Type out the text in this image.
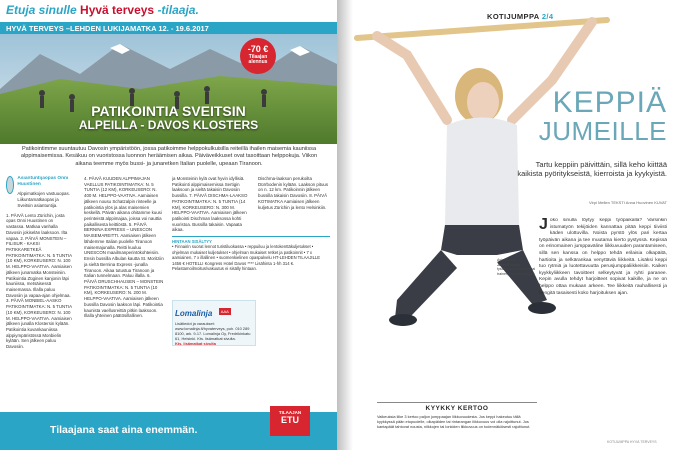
Etuja sinulle Hyvä terveys -tilaaja.
HYVÄ TERVEYS –LEHDEN LUKIJAMATKA 12. - 19.6.2017
-70 €
Tilaajan
alennus
PATIKOINTIA SVEITSIN
ALPEILLA - DAVOS KLOSTERS
Patikointimme suuntautuu Davosin ympäristöön, jossa patikoimme helppokulkuisilla reiteillä ihailen maisemia kauniissa alppimaisemissa. Kesäkuu on vuoristossa luonnon heräämisen aikaa. Päiväveikkuset ovat tasoittaan helppokuja. Viikon aikana teemme myös bussi- ja junaretken Italian puolelle, upeaan Tiranoon.
Asiantuntijaopas Onni Huustinen
Alppimatkojen vastuuopas. Liikuntamatkaopas ja Sveitsin asiantuntija.
1. PÄIVÄ Lento Zürichin, josta opas Onni Huustinen on vastassa. Matkaa vanhalla Davosin jokiselän laaksoon. Ilta vapaa. 2. PÄIVÄ MONSTEIN – FILISUR - KAKSI PATIKKARETKEÄ PATIKOINTIMATKA: N. 5 TUNTIA (10 KM), KORKEUSERO: N. 100 M. HELPPO-VAATIVA. Aamiaisen jälkeen junamatka Monsteiniin. Patikointia Züginen kanjonin läpi kauniissa, metsäisessä maisemassa. Illalla paluu Davosiin ja vapaa-ajan ohjelmaa. 3. PÄIVÄ MONBIEL-AASKO PATIKOINTIMATKA: N. 5 TUNTIA (10 KM), KORKEUSERO: N. 100 M. HELPPO-VAATIVA. Aamiaisen jälkeen junalla Klostersin kylään. Patikointia kuvankauniissa alppiympäristössä Monbielin kylään. Sen jälkeen paluu Davosiin.
4. PÄIVÄ KUUDEN ALPPIMAJAN VAELLUS PATIKOINTIMATKA: N. 5 TUNTIA (12 KM), KORKEUSERO: N. 400 M. HELPPO-VAATIVA. Aamiaisen jälkeen nousu Schatzalpin rinteelle ja patikointia ylös ja alas maisemien keskellä. Päivän aikana ohitamme kuusi perinteistä alppimajaa, joissa voi nauttia paikallisesta keittiöstä. 5. PÄIVÄ BERNINA EXPRESS – UNESCON MAISEMAREITTI. Aamiaisen jälkeen lähdemme Italian puolelle Tiranoon maisemajunalla. Reitti kuuluu UNESCON maailmanperintökohteisiin. Ensin bussilla Albulan kautta St. Moritziin ja sieltä Bernina Express -junalla Tiranoon. Aikaa tutustua Tiranoon ja Italian tunnelmaan. Paluu illalla. 6. PÄIVÄ DRUSCHHAUSEN – MONSTEIN PATIKOINTIMATKA: N. 5 TUNTIA (10 KM), KORKEUSERO: N. 200 M. HELPPO-VAATIVA. Aamiaisen jälkeen bussilla Davosin laakson läpi. Patikointia kaunista vaellusreittiä pitkin laaksoon. Illalla yhteinen päätösillallinen.
ja Monsteinin kylä ovat hyvin idyllisiä. Patikointi alppimaisemissa Sertigin laaksoon ja sieltä takaisin Davosiin bussilla. 7. PÄIVÄ DISCHMA-LAAKSO PATIKOINTIMATKA: N. 5 TUNTIA (14 KM), KORKEUSERO: N. 300 M. HELPPO-VAATIVA. Aamiaisen jälkeen patikointi Dischman laaksossa kohti vuoristoa. Bussilla takaisin. Vapaata aikaa.
Dischma-laakson perukoilta Dürrbodenin kylään. Laakson pituus on n. 12 km. Patikoinnin jälkeen bussilla takaisin Davosiin. 8. PÄIVÄ KOTIMATKA Aamiaisen jälkeen kuljetus Zürichin ja lento Helsinkiin.
HINTAAN SISÄLTYY
• Finnairin suorat lennot turistiluokassa • reppuiluu ja lentokenttäkuljetukset • ohjelman mukaiset kuljetukset • ohjelman mukaiset retket ja patikoinnit • 7 x aamiainen, 7 x illallinen • suomenkielinen opaspalvelu HT-LEHDEN TILAAJILLE 1456 € HOTELLI Kongress Hotel Davos **** Lisähinta 1-hh 314 €. Pelastamoilmoitus/vakuutus ei sisälly hintaan.
Lomalinja AAA
Lisätiedot ja varaukset: www.lomalinja.fi/hyvaterveys, puh. 010 289 8100, ark. 9-17. Lomalinja Oy, Fredrikinkatu 61, Helsinki. Kts. lisämatkat sivulta.
Kts. lisämatkat sivulta
Tilaajana saat aina enemmän.
TILAAJAN
ETU
KOTIJUMPPA 2/4
KEPPIÄ
JUMEILLE
Tartu keppiin päivittäin, sillä keho kiittää kaikista pyöritykseistä, kierroista ja kyykyistä.
Virpi Mellen TEKSTI Anna Huovinen KUVAT
Asiantuntija
Jenni Eskelin
fysioterapeutti, personal trainer, Runtukerroppaa
J oko sinulla löytyy keppi työpaikalla? Varsinkin istumatyön tekijöiden kannattaa pitää keppi tiiviisti käden ulottuvilla. Noista pyrstö ylös pari kertaa työpäivän aikana ja tee muutama kierto pystyssä. Kepissä on erinomainen jumppaväline liikkuvuuden parantamiseen, sillä sen kanssa on helppo tehdä erilaisia olkapäitä, hartioita ja selkärankaa venyttäviä liikkeitä. Lisäksi keppi tuo rytmiä ja luotettavuutta perusjumppaliikkeisiin. Kaiken kyykkyliikkeen tavoitteet selkeytyvät ja ryhti paranee. Kepin avulla tehdyt harjoitteet sopivat kaikille, ja ne on helppo ottaa mukaan arkeen. Tee liikkeitä rauhallisesti ja hengitä tasaisesti koko harjoituksen ajan.
KYYKKY KERTOO
Vaikeuksia liike 3 kertoo paljon jumppaajan liikkuvuudesta. Jos keppi hakeutuu tällä kyykkyssä pään etupuolelle, olkapäiden tai rintarangan liikkuvuus voi olla rajoittunut. Jos kantapäät tahtovat nousta, nilkkojen tai lonkkien liikkuvuus on todennäköisesti rajoittunut.
KOTIJUMPPA HYVÄ TERVEYS
